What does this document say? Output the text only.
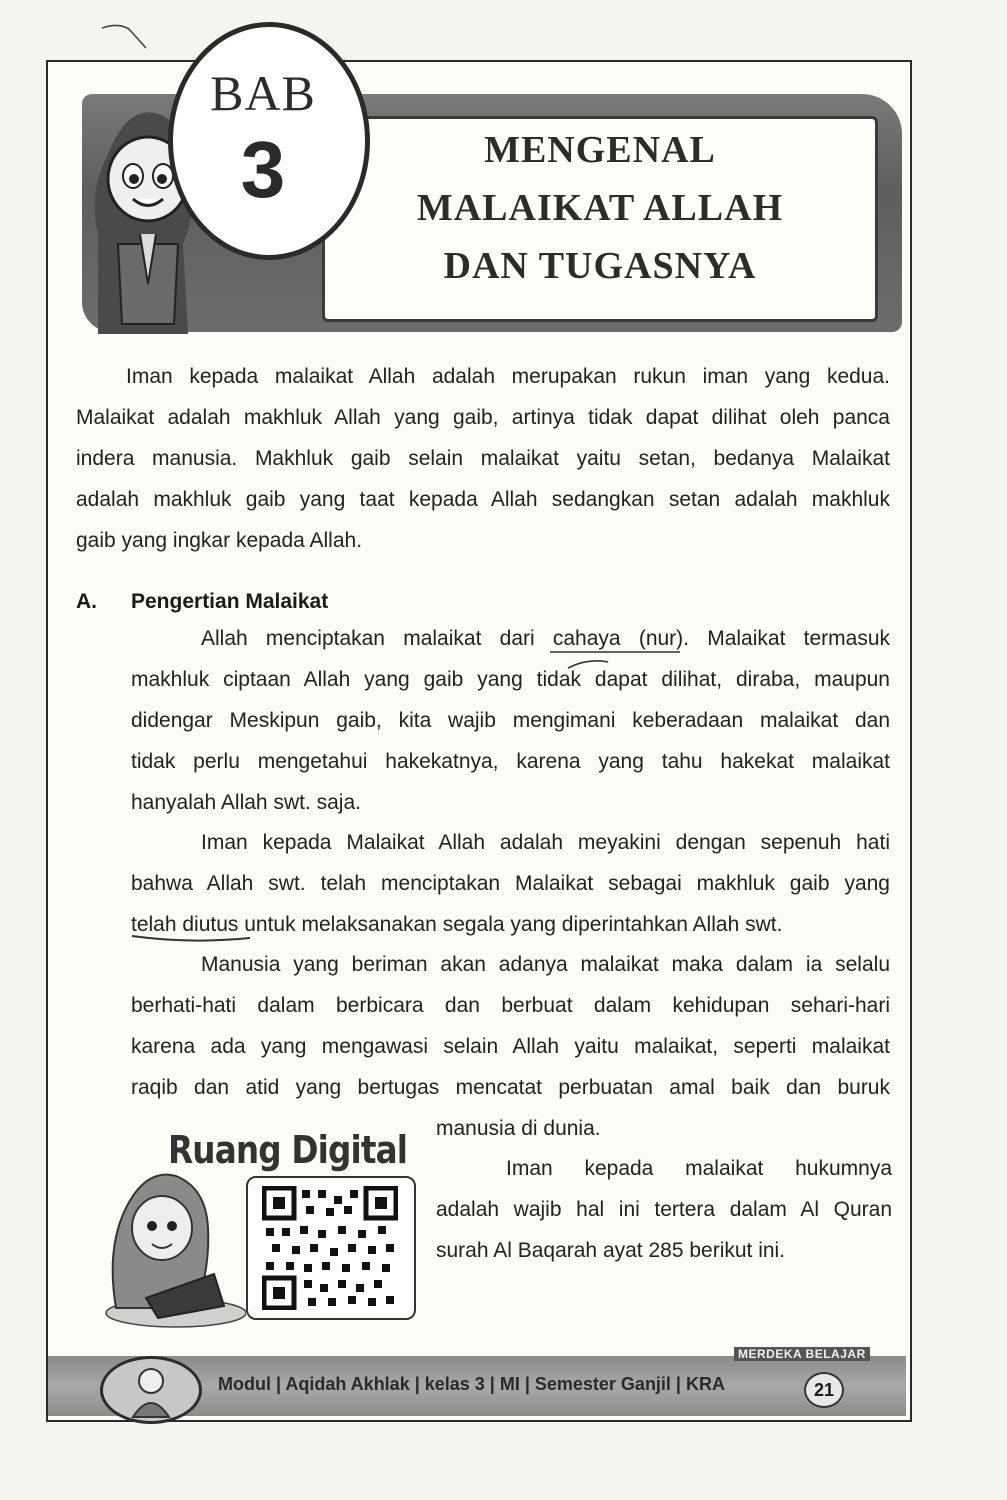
BAB
3	MENGENAL
MALAIKAT ALLAH
DAN TUGASNYA
Iman kepada malaikat Allah adalah merupakan rukun iman yang kedua.
Malaikat adalah makhluk Allah yang gaib, artinya tidak dapat dilihat oleh panca
indera manusia. Makhluk gaib selain malaikat yaitu setan, bedanya Malaikat
adalah makhluk gaib yang taat kepada Allah sedangkan setan adalah makhluk
gaib yang ingkar kepada Allah.
A. Pengertian Malaikat
Allah menciptakan malaikat dari cahaya (nur). Malaikat termasuk
makhluk ciptaan Allah yang gaib yang tidak dapat dilihat, diraba, maupun
didengar Meskipun gaib, kita wajib mengimani keberadaan malaikat dan
tidak perlu mengetahui hakekatnya, karena yang tahu hakekat malaikat
hanyalah Allah swt. saja.
Iman kepada Malaikat Allah adalah meyakini dengan sepenuh hati
bahwa Allah swt. telah menciptakan Malaikat sebagai makhluk gaib yang
telah diutus untuk melaksanakan segala yang diperintahkan Allah swt.
Manusia yang beriman akan adanya malaikat maka dalam ia selalu
berhati-hati dalam berbicara dan berbuat dalam kehidupan sehari-hari
karena ada yang mengawasi selain Allah yaitu malaikat, seperti malaikat
raqib dan atid yang bertugas mencatat perbuatan amal baik dan buruk
manusia di dunia.
Iman kepada malaikat hukumnya
adalah wajib hal ini tertera dalam Al Quran
surah Al Baqarah ayat 285 berikut ini.
Ruang Digital
MERDEKA BELAJAR
Modul | Aqidah Akhlak | kelas 3 | MI | Semester Ganjil | KRA	21
